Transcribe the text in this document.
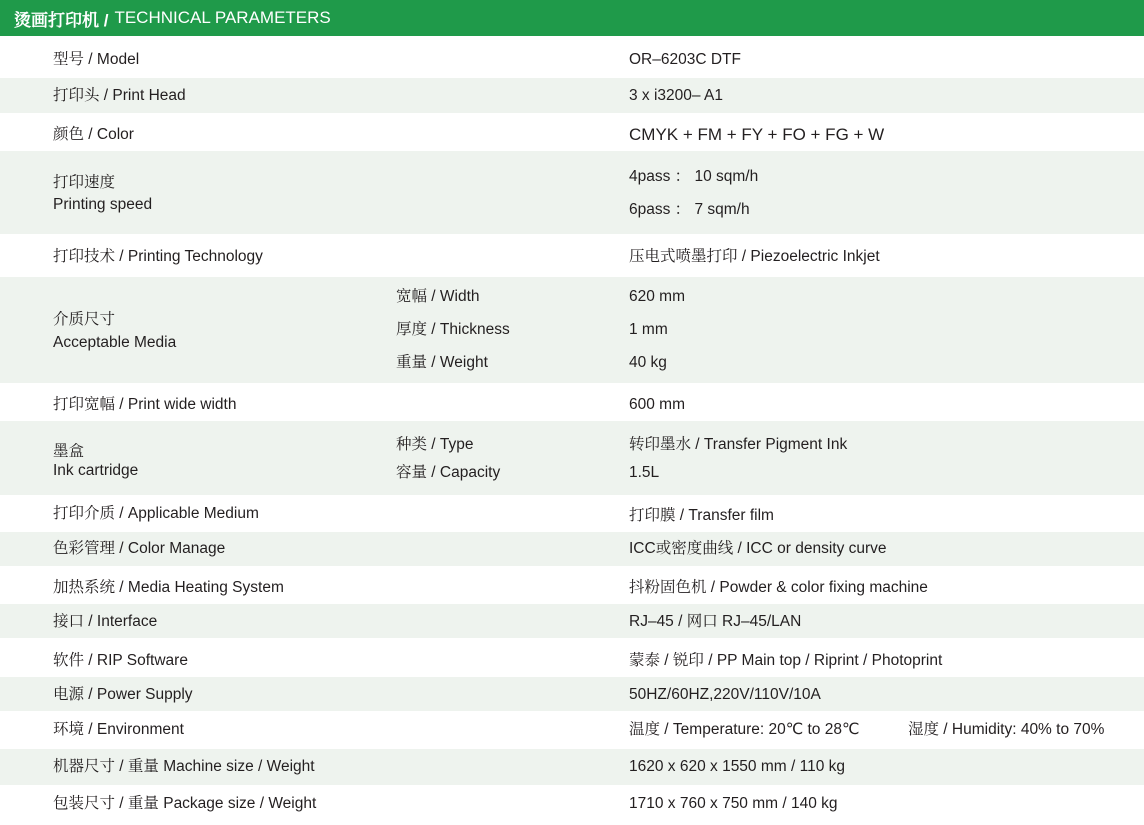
烫画打印机 / TECHNICAL PARAMETERS
型号 / Model	OR–6203C DTF
打印头 / Print Head	3 x i3200– A1
颜色 / Color	CMYK + FM + FY + FO + FG + W
打印速度
Printing speed
4pass ： 10 sqm/h
6pass ： 7 sqm/h
打印技术 / Printing Technology	压电式喷墨打印 / Piezoelectric Inkjet
介质尺寸
Acceptable Media
宽幅 / Width	620 mm
厚度 / Thickness	1 mm
重量 / Weight	40 kg
打印宽幅 / Print wide width	600 mm
墨盒
Ink cartridge
种类 / Type	转印墨水 / Transfer Pigment Ink
容量 / Capacity	1.5L
打印介质 / Applicable Medium	打印膜 / Transfer film
色彩管理 / Color Manage	ICC或密度曲线 / ICC or density curve
加热系统 / Media Heating System	抖粉固色机 / Powder & color fixing machine
接口 / Interface	RJ–45 / 网口 RJ–45/LAN
软件 / RIP Software	蒙泰 / 锐印 / PP Main top / Riprint / Photoprint
电源 / Power Supply	50HZ/60HZ,220V/110V/10A
环境 / Environment	温度 / Temperature: 20℃ to 28℃	湿度 / Humidity: 40% to 70%
机器尺寸 / 重量 Machine size / Weight	1620 x 620 x 1550 mm / 110 kg
包装尺寸 / 重量 Package size / Weight	1710 x 760 x 750 mm / 140 kg
